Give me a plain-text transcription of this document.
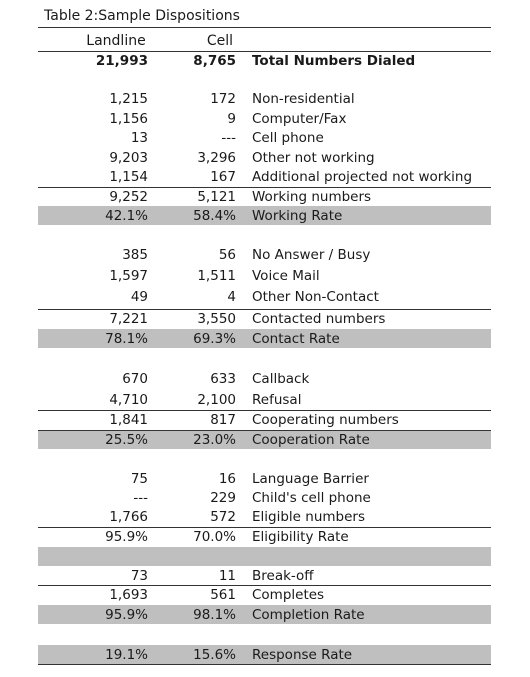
Table 2:Sample Dispositions
Landline	Cell
21,993	8,765 Total Numbers Dialed
1,215	172 Non-residential
1,156	9 Computer/Fax
13	--- Cell phone
9,203	3,296 Other not working
1,154	167 Additional projected not working
9,252	5,121 Working numbers
42.1%	58.4% Working Rate
385	56 No Answer / Busy
1,597	1,511 Voice Mail
49	4 Other Non-Contact
7,221	3,550 Contacted numbers
78.1%	69.3% Contact Rate
670	633 Callback
4,710	2,100 Refusal
1,841	817 Cooperating numbers
25.5%	23.0% Cooperation Rate
75	16 Language Barrier
---	229 Child's cell phone
1,766	572 Eligible numbers
95.9%	70.0% Eligibility Rate
73	11 Break-off
1,693	561 Completes
95.9%	98.1% Completion Rate
19.1%	15.6% Response Rate
